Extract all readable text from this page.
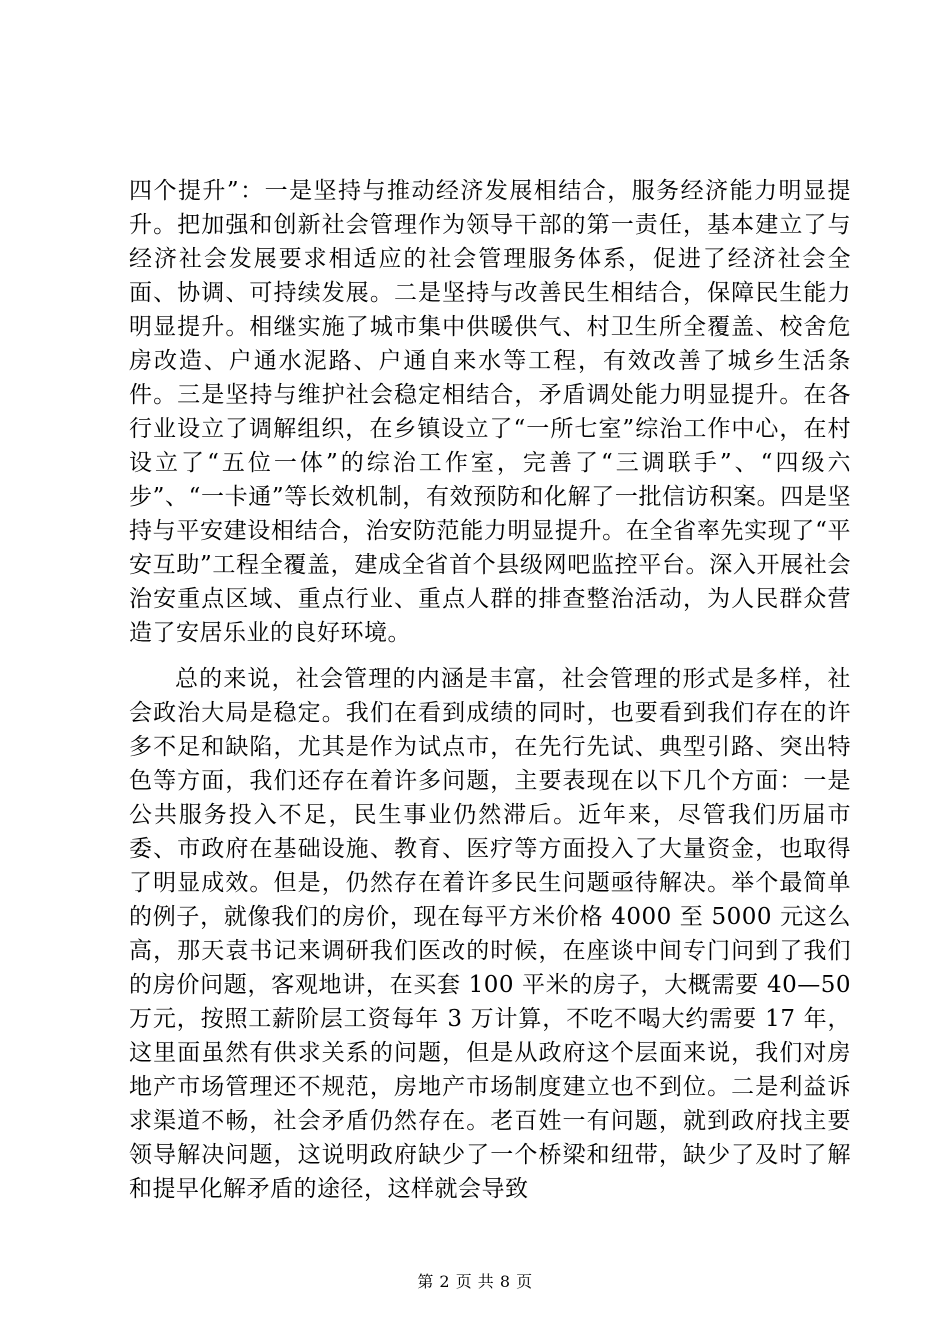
四个提升”：一是坚持与推动经济发展相结合，服务经济能力明显提升。把加强和创新社会管理作为领导干部的第一责任，基本建立了与经济社会发展要求相适应的社会管理服务体系，促进了经济社会全面、协调、可持续发展。二是坚持与改善民生相结合，保障民生能力明显提升。相继实施了城市集中供暖供气、村卫生所全覆盖、校舍危房改造、户通水泥路、户通自来水等工程，有效改善了城乡生活条件。三是坚持与维护社会稳定相结合，矛盾调处能力明显提升。在各行业设立了调解组织，在乡镇设立了“一所七室”综治工作中心，在村设立了“五位一体”的综治工作室，完善了“三调联手”、“四级六步”、“一卡通”等长效机制，有效预防和化解了一批信访积案。四是坚持与平安建设相结合，治安防范能力明显提升。在全省率先实现了“平安互助”工程全覆盖，建成全省首个县级网吧监控平台。深入开展社会治安重点区域、重点行业、重点人群的排查整治活动，为人民群众营造了安居乐业的良好环境。

总的来说，社会管理的内涵是丰富，社会管理的形式是多样，社会政治大局是稳定。我们在看到成绩的同时，也要看到我们存在的许多不足和缺陷，尤其是作为试点市，在先行先试、典型引路、突出特色等方面，我们还存在着许多问题，主要表现在以下几个方面：一是公共服务投入不足，民生事业仍然滞后。近年来，尽管我们历届市委、市政府在基础设施、教育、医疗等方面投入了大量资金，也取得了明显成效。但是，仍然存在着许多民生问题亟待解决。举个最简单的例子，就像我们的房价，现在每平方米价格 4000 至 5000 元这么高，那天袁书记来调研我们医改的时候，在座谈中间专门问到了我们的房价问题，客观地讲，在买套 100 平米的房子，大概需要 40—50 万元，按照工薪阶层工资每年 3 万计算，不吃不喝大约需要 17 年，这里面虽然有供求关系的问题，但是从政府这个层面来说，我们对房地产市场管理还不规范，房地产市场制度建立也不到位。二是利益诉求渠道不畅，社会矛盾仍然存在。老百姓一有问题，就到政府找主要领导解决问题，这说明政府缺少了一个桥梁和纽带，缺少了及时了解和提早化解矛盾的途径，这样就会导致

第 2 页 共 8 页
